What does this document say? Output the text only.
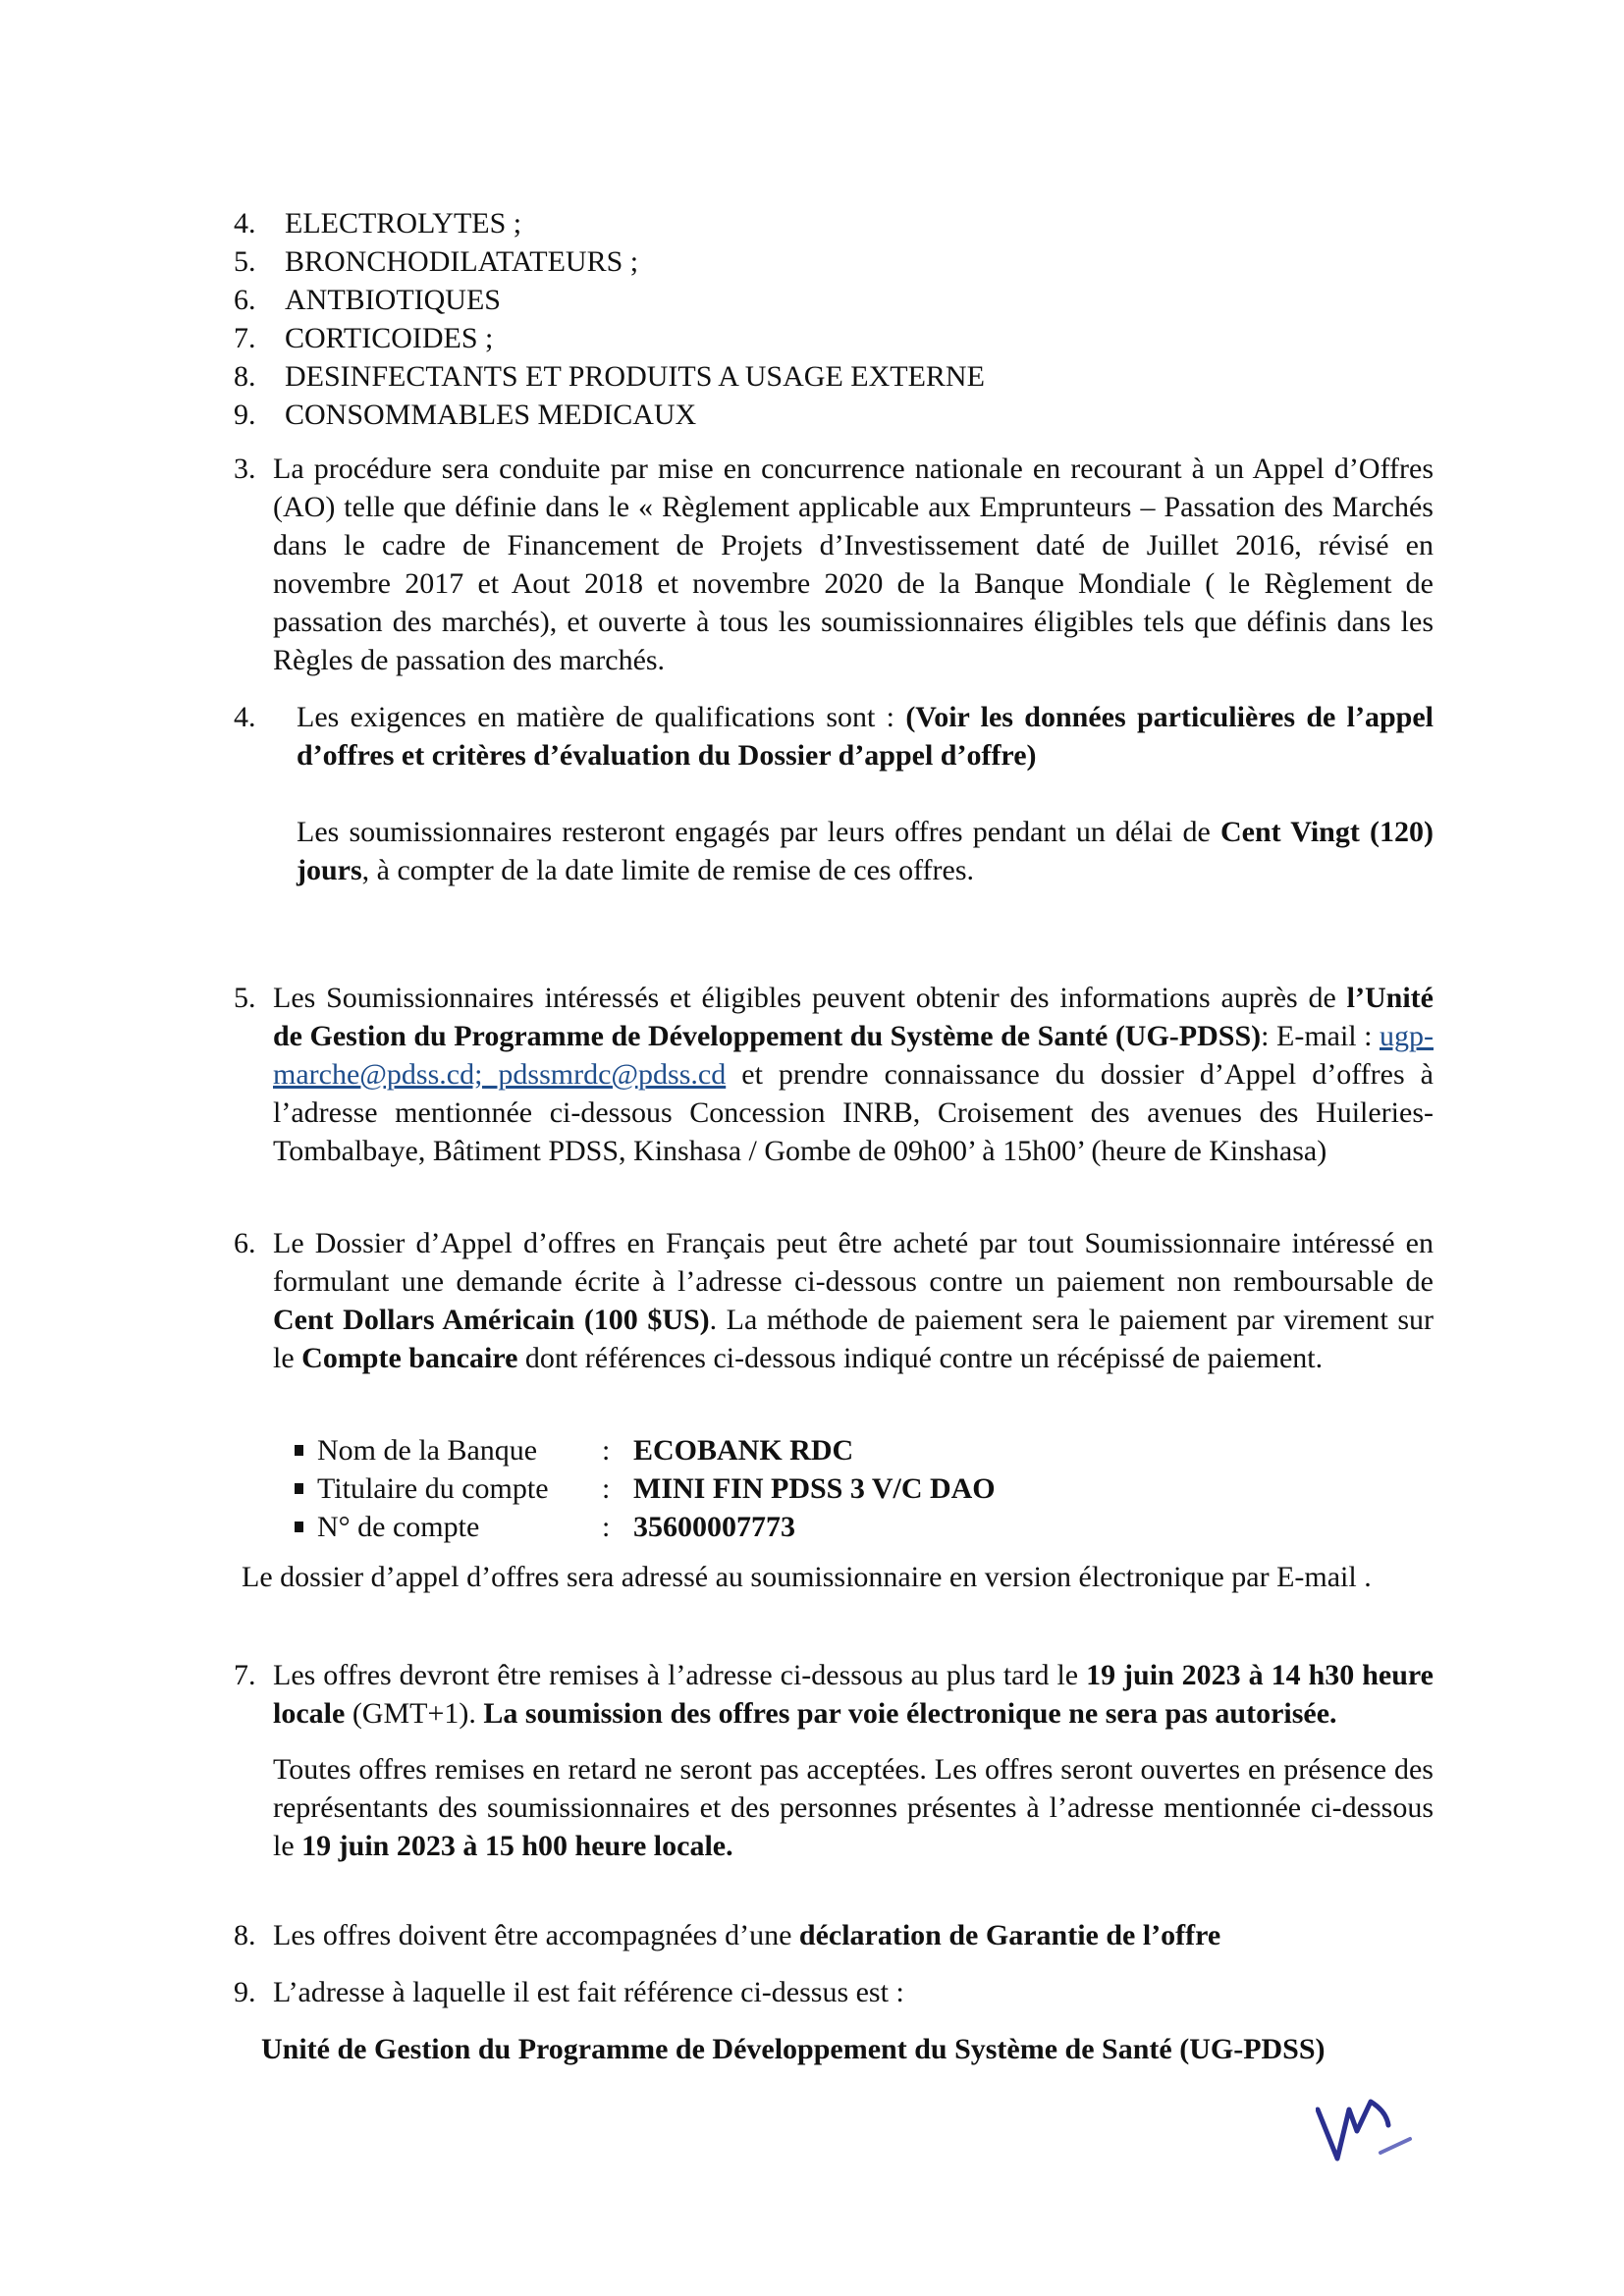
4. ELECTROLYTES ;
5. BRONCHODILATATEURS ;
6. ANTBIOTIQUES
7. CORTICOIDES ;
8. DESINFECTANTS ET PRODUITS A USAGE EXTERNE
9. CONSOMMABLES MEDICAUX
3. La procédure sera conduite par mise en concurrence nationale en recourant à un Appel d’Offres (AO) telle que définie dans le « Règlement applicable aux Emprunteurs – Passation des Marchés dans le cadre de Financement de Projets d’Investissement daté de Juillet 2016, révisé en novembre 2017 et Aout 2018 et novembre 2020 de la Banque Mondiale ( le Règlement de passation des marchés), et ouverte à tous les soumissionnaires éligibles tels que définis dans les Règles de passation des marchés.

4. Les exigences en matière de qualifications sont : (Voir les données particulières de l’appel d’offres et critères d’évaluation du Dossier d’appel d’offre)

Les soumissionnaires resteront engagés par leurs offres pendant un délai de Cent Vingt (120) jours, à compter de la date limite de remise de ces offres.

5. Les Soumissionnaires intéressés et éligibles peuvent obtenir des informations auprès de l’Unité de Gestion du Programme de Développement du Système de Santé (UG-PDSS): E-mail : ugp-marche@pdss.cd; pdssmrdc@pdss.cd et prendre connaissance du dossier d’Appel d’offres à l’adresse mentionnée ci-dessous Concession INRB, Croisement des avenues des Huileries-Tombalbaye, Bâtiment PDSS, Kinshasa / Gombe de 09h00’ à 15h00’ (heure de Kinshasa)

6. Le Dossier d’Appel d’offres en Français peut être acheté par tout Soumissionnaire intéressé en formulant une demande écrite à l’adresse ci-dessous contre un paiement non remboursable de Cent Dollars Américain (100 $US). La méthode de paiement sera le paiement par virement sur le Compte bancaire dont références ci-dessous indiqué contre un récépissé de paiement.

Nom de la Banque	: ECOBANK RDC
Titulaire du compte	: MINI FIN PDSS 3 V/C DAO
N° de compte	: 35600007773

Le dossier d’appel d’offres sera adressé au soumissionnaire en version électronique par E-mail .

7. Les offres devront être remises à l’adresse ci-dessous au plus tard le 19 juin 2023 à 14 h30 heure locale (GMT+1). La soumission des offres par voie électronique ne sera pas autorisée.

Toutes offres remises en retard ne seront pas acceptées. Les offres seront ouvertes en présence des représentants des soumissionnaires et des personnes présentes à l’adresse mentionnée ci-dessous le 19 juin 2023 à 15 h00 heure locale.

8. Les offres doivent être accompagnées d’une déclaration de Garantie de l’offre

9. L’adresse à laquelle il est fait référence ci-dessus est :

Unité de Gestion du Programme de Développement du Système de Santé (UG-PDSS)
